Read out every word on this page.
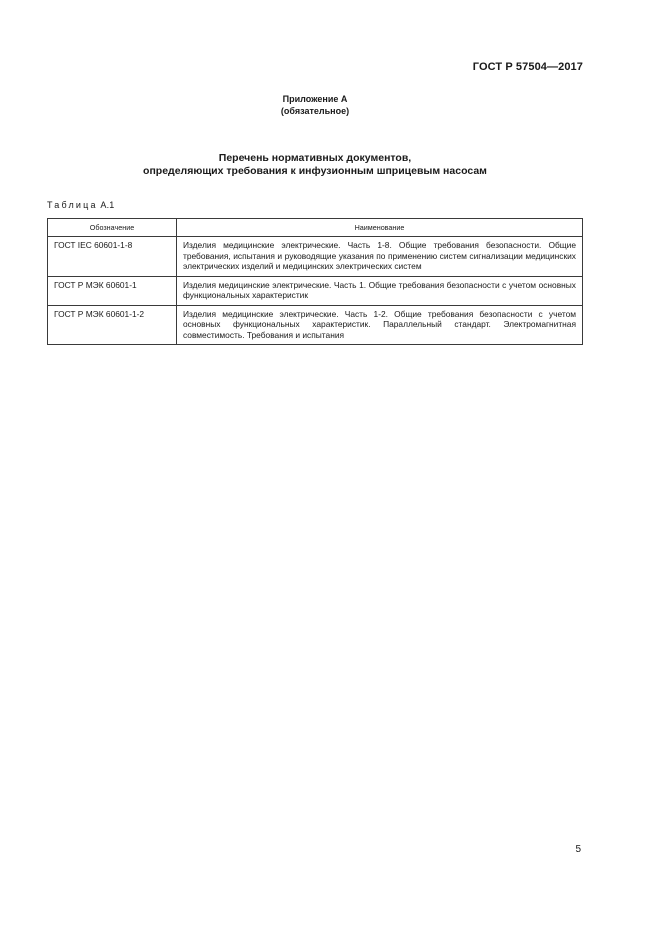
ГОСТ Р 57504—2017
Приложение А
(обязательное)
Перечень нормативных документов,
определяющих требования к инфузионным шприцевым насосам
Таблица А.1
Обозначение	Наименование
ГОСТ IEC 60601-1-8	Изделия медицинские электрические. Часть 1-8. Общие требования безопасности. Общие требования, испытания и руководящие указания по применению систем сигнализации медицинских электрических изделий и медицинских электрических систем
ГОСТ Р МЭК 60601-1	Изделия медицинские электрические. Часть 1. Общие требования безопасности с учетом основных функциональных характеристик
ГОСТ Р МЭК 60601-1-2	Изделия медицинские электрические. Часть 1-2. Общие требования безопасности с учетом основных функциональных характеристик. Параллельный стандарт. Электромагнитная совместимость. Требования и испытания
5
